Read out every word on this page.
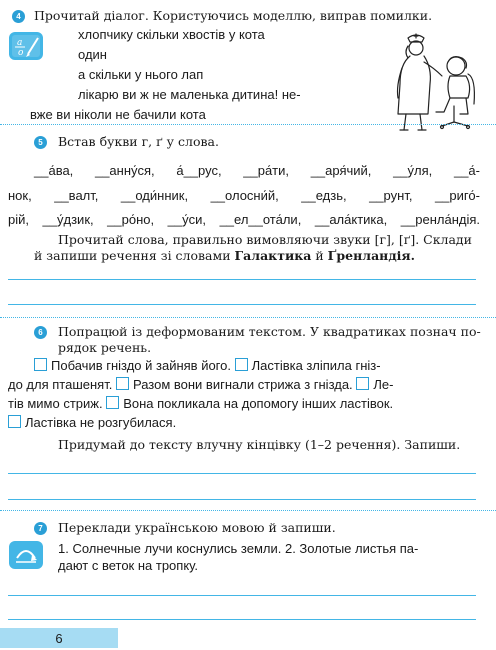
4	Прочитай діалог. Користуючись моделлю, виправ помилки.
a
o
хлопчику скільки хвостів у кота
один
а скільки у нього лап
лікарю ви ж не маленька дитина! не-
вже ви ніколи не бачили кота
5	Встав букви г, ґ у слова.
__а́ва, __анну́ся, а́__рус, __ра́ти, __аря́чий, __у́ля, __а́-
нок, __валт, __оди́нник, __олосни́й, __едзь, __рунт, __риго́-
рій, __у́дзик, __ро́но, __у́си, __ел__ота́ли, __ала́ктика, __ренла́ндія.
Прочитай слова, правильно вимовляючи звуки [г], [ґ]. Склади
й запиши речення зі словами Галактика й Ґренландія.
6	Попрацюй із деформованим текстом. У квадратиках познач по-
рядок речень.
Побачив гніздо й зайняв його. Ластівка зліпила гніз-
до для пташенят. Разом вони вигнали стрижа з гнізда. Ле-
тів мимо стриж. Вона покликала на допомогу інших ластівок.
Ластівка не розгубилася.
Придумай до тексту влучну кінцівку (1–2 речення). Запиши.
7	Переклади українською мовою й запиши.
1. Солнечные лучи коснулись земли. 2. Золотые листья па-
дают с веток на тропку.
6
